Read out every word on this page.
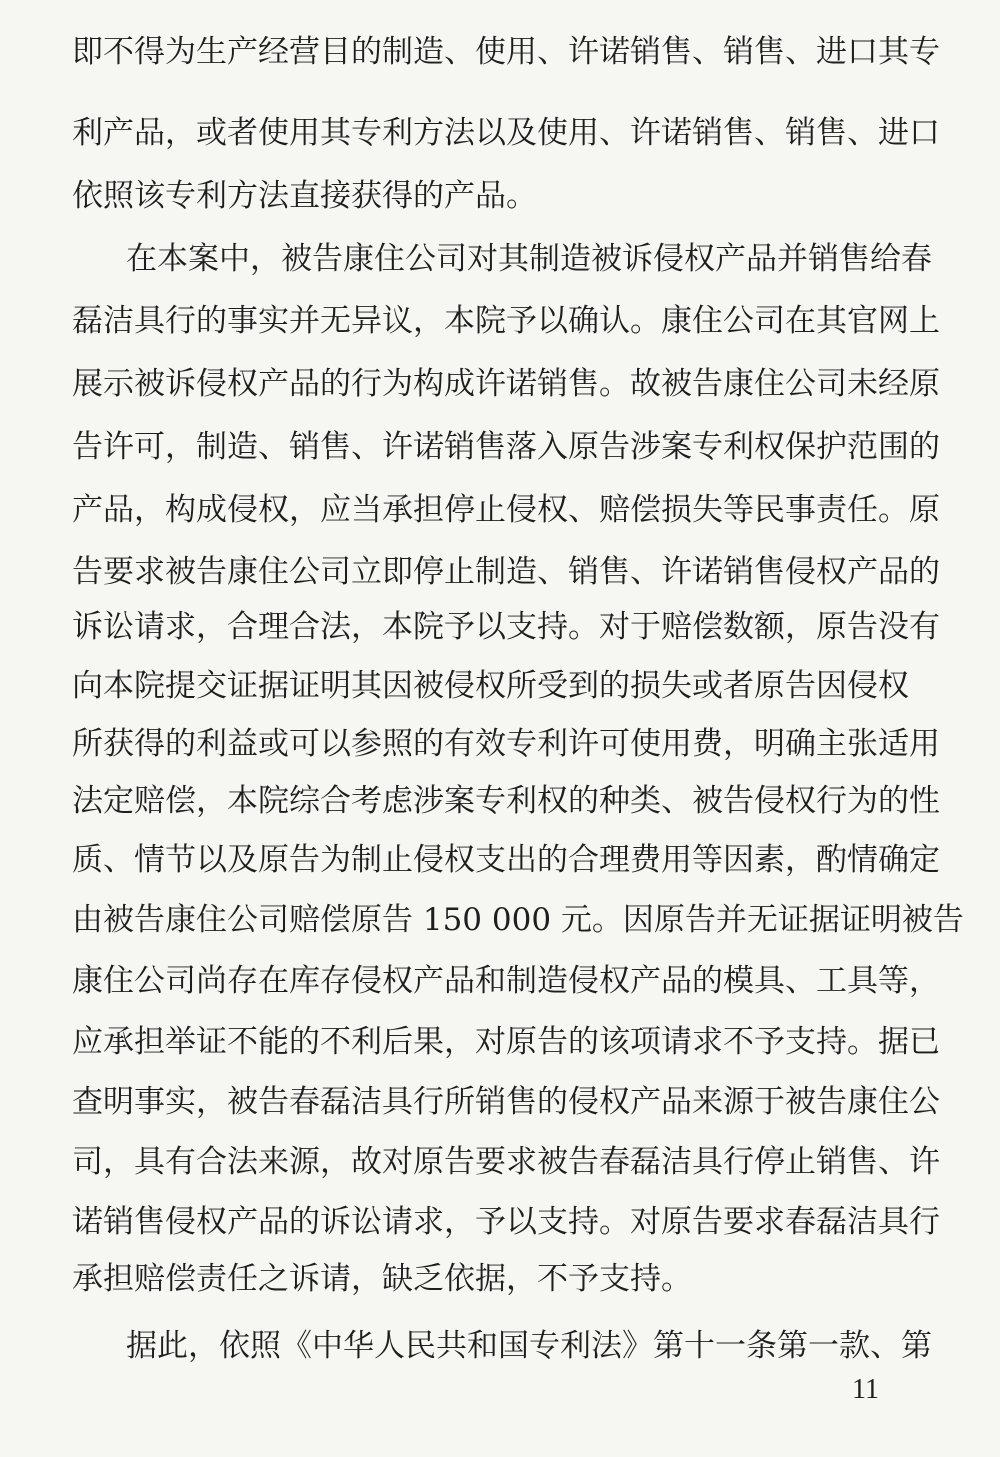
即不得为生产经营目的制造、使用、许诺销售、销售、进口其专
利产品，或者使用其专利方法以及使用、许诺销售、销售、进口
依照该专利方法直接获得的产品。
在本案中，被告康住公司对其制造被诉侵权产品并销售给春
磊洁具行的事实并无异议，本院予以确认。康住公司在其官网上
展示被诉侵权产品的行为构成许诺销售。故被告康住公司未经原
告许可，制造、销售、许诺销售落入原告涉案专利权保护范围的
产品，构成侵权，应当承担停止侵权、赔偿损失等民事责任。原
告要求被告康住公司立即停止制造、销售、许诺销售侵权产品的
诉讼请求，合理合法，本院予以支持。对于赔偿数额，原告没有
向本院提交证据证明其因被侵权所受到的损失或者原告因侵权
所获得的利益或可以参照的有效专利许可使用费，明确主张适用
法定赔偿，本院综合考虑涉案专利权的种类、被告侵权行为的性
质、情节以及原告为制止侵权支出的合理费用等因素，酌情确定
由被告康住公司赔偿原告 150 000 元。因原告并无证据证明被告
康住公司尚存在库存侵权产品和制造侵权产品的模具、工具等，
应承担举证不能的不利后果，对原告的该项请求不予支持。据已
查明事实，被告春磊洁具行所销售的侵权产品来源于被告康住公
司，具有合法来源，故对原告要求被告春磊洁具行停止销售、许
诺销售侵权产品的诉讼请求，予以支持。对原告要求春磊洁具行
承担赔偿责任之诉请，缺乏依据，不予支持。
据此，依照《中华人民共和国专利法》第十一条第一款、第
11
